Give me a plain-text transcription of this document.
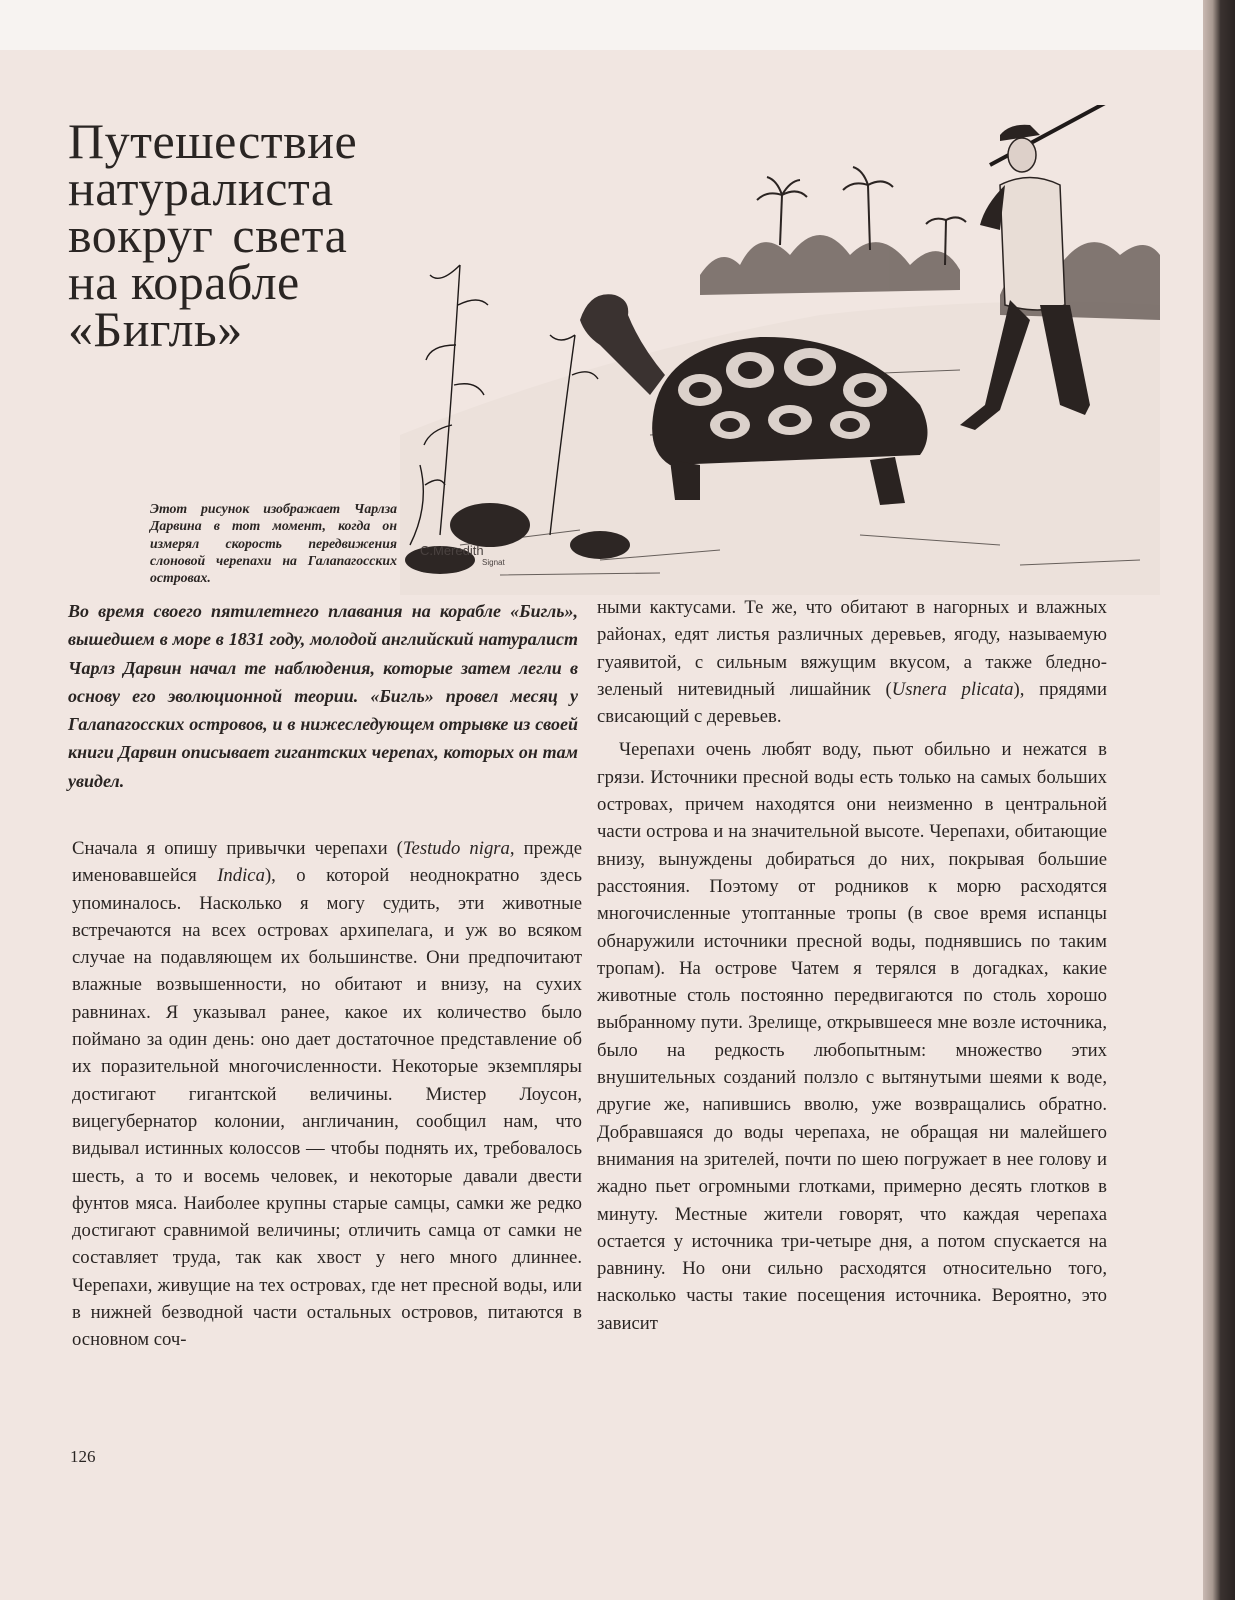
Путешествие
натуралиста
вокруг света
на корабле
«Бигль»
C.Meredith
Signat
Этот рисунок изображает Чарлза Дарвина в тот момент, когда он измерял скорость передвижения слоновой черепахи на Галапагосских островах.
Во время своего пятилетнего плавания на корабле «Бигль», вышедшем в море в 1831 году, молодой английский натуралист Чарлз Дарвин начал те наблюдения, которые затем легли в основу его эволюционной теории. «Бигль» провел месяц у Галапагосских островов, и в нижеследующем отрывке из своей книги Дарвин описывает гигантских черепах, которых он там увидел.

Сначала я опишу привычки черепахи (Testudo nigra, прежде именовавшейся Indica), о которой неоднократно здесь упоминалось. Насколько я могу судить, эти животные встречаются на всех островах архипелага, и уж во всяком случае на подавляющем их большинстве. Они предпочитают влажные возвышенности, но обитают и внизу, на сухих равнинах. Я указывал ранее, какое их количество было поймано за один день: оно дает достаточное представление об их поразительной многочисленности. Некоторые экземпляры достигают гигантской величины. Мистер Лоусон, вицегубернатор колонии, англичанин, сообщил нам, что видывал истинных колоссов — чтобы поднять их, требовалось шесть, а то и восемь человек, и некоторые давали двести фунтов мяса. Наиболее крупны старые самцы, самки же редко достигают сравнимой величины; отличить самца от самки не составляет труда, так как хвост у него много длиннее. Черепахи, живущие на тех островах, где нет пресной воды, или в нижней безводной части остальных островов, питаются в основном соч-

ными кактусами. Те же, что обитают в нагорных и влажных районах, едят листья различных деревьев, ягоду, называемую гуаявитой, с сильным вяжущим вкусом, а также бледно-зеленый нитевидный лишайник (Usnera plicata), прядями свисающий с деревьев.

Черепахи очень любят воду, пьют обильно и нежатся в грязи. Источники пресной воды есть только на самых больших островах, причем находятся они неизменно в центральной части острова и на значительной высоте. Черепахи, обитающие внизу, вынуждены добираться до них, покрывая большие расстояния. Поэтому от родников к морю расходятся многочисленные утоптанные тропы (в свое время испанцы обнаружили источники пресной воды, поднявшись по таким тропам). На острове Чатем я терялся в догадках, какие животные столь постоянно передвигаются по столь хорошо выбранному пути. Зрелище, открывшееся мне возле источника, было на редкость любопытным: множество этих внушительных созданий ползло с вытянутыми шеями к воде, другие же, напившись вволю, уже возвращались обратно. Добравшаяся до воды черепаха, не обращая ни малейшего внимания на зрителей, почти по шею погружает в нее голову и жадно пьет огромными глотками, примерно десять глотков в минуту. Местные жители говорят, что каждая черепаха остается у источника три-четыре дня, а потом спускается на равнину. Но они сильно расходятся относительно того, насколько часты такие посещения источника. Вероятно, это зависит

126
